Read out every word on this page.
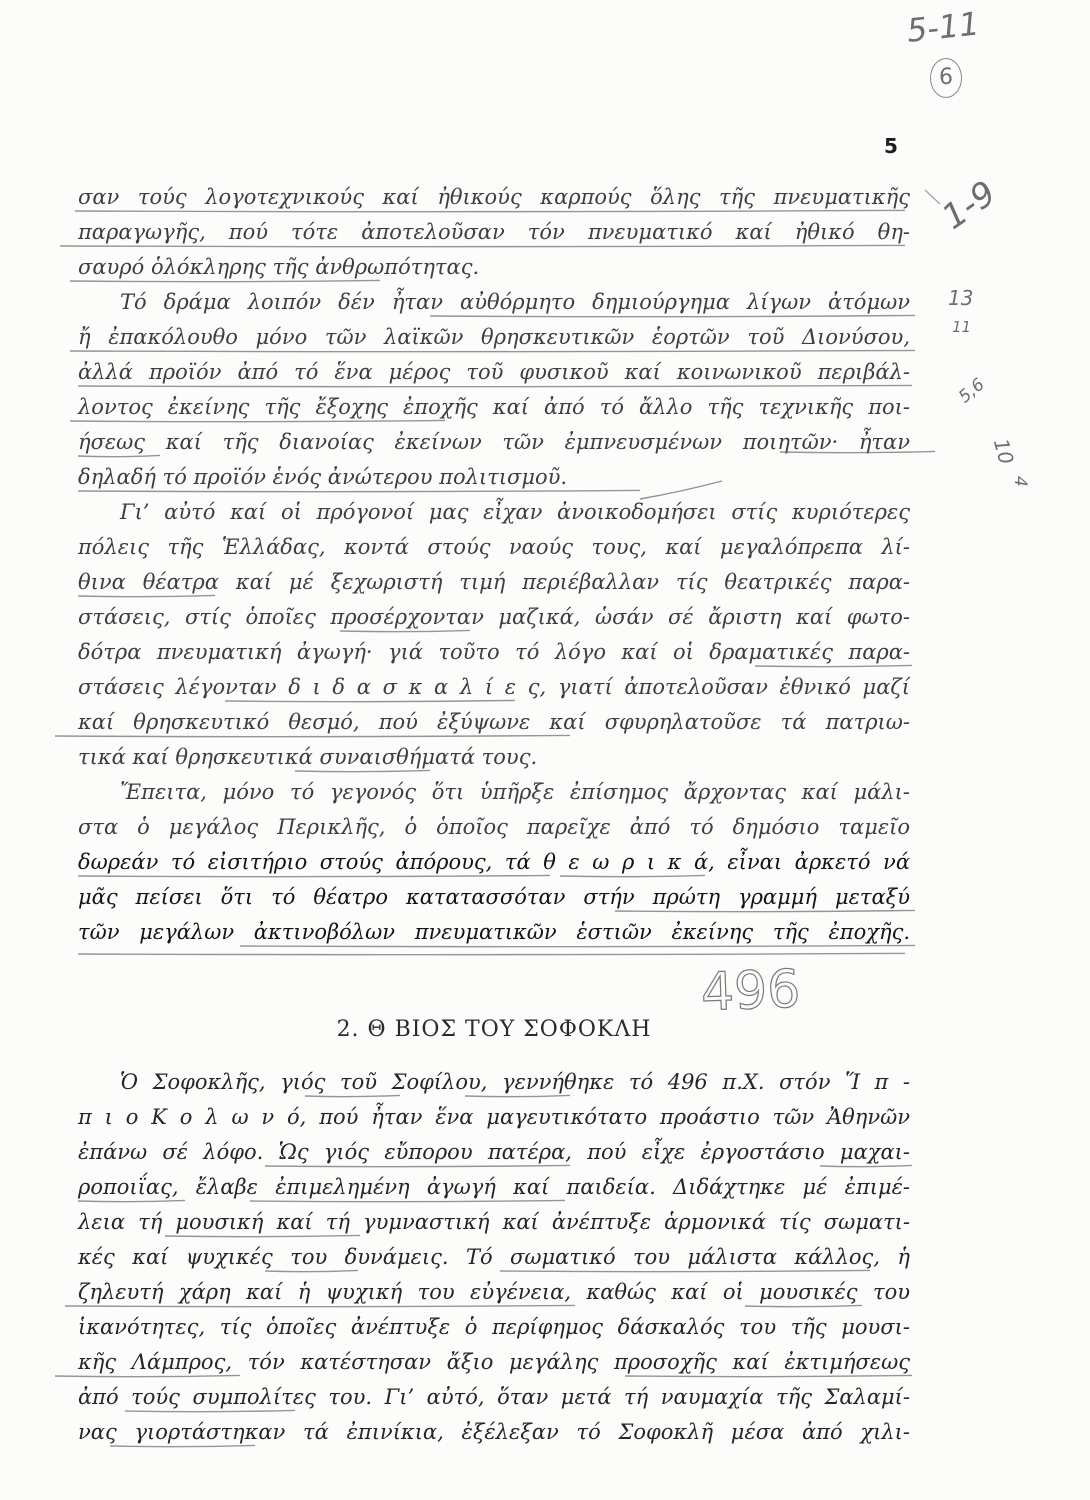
5
5-11
6
1-9
13
11
5,6
10
4
496
σαν τούς λογοτεχνικούς καί ἠθικούς καρπούς ὅλης τῆς πνευματικῆς
παραγωγῆς, πού τότε ἀποτελοῦσαν τόν πνευματικό καί ἠθικό θη-
σαυρό ὁλόκληρης τῆς ἀνθρωπότητας.
Τό δράμα λοιπόν δέν ἦταν αὐθόρμητο δημιούργημα λίγων ἀτόμων
ἤ ἐπακόλουθο μόνο τῶν λαϊκῶν θρησκευτικῶν ἑορτῶν τοῦ Διονύσου,
ἀλλά προϊόν ἀπό τό ἕνα μέρος τοῦ φυσικοῦ καί κοινωνικοῦ περιβάλ-
λοντος ἐκείνης τῆς ἔξοχης ἐποχῆς καί ἀπό τό ἄλλο τῆς τεχνικῆς ποι-
ήσεως καί τῆς διανοίας ἐκείνων τῶν ἐμπνευσμένων ποιητῶν· ἦταν
δηλαδή τό προϊόν ἑνός ἀνώτερου πολιτισμοῦ.
Γι’ αὐτό καί οἱ πρόγονοί μας εἶχαν ἀνοικοδομήσει στίς κυριότερες
πόλεις τῆς Ἑλλάδας, κοντά στούς ναούς τους, καί μεγαλόπρεπα λί-
θινα θέατρα καί μέ ξεχωριστή τιμή περιέβαλλαν τίς θεατρικές παρα-
στάσεις, στίς ὁποῖες προσέρχονταν μαζικά, ὡσάν σέ ἄριστη καί φωτο-
δότρα πνευματική ἀγωγή· γιά τοῦτο τό λόγο καί οἱ δραματικές παρα-
στάσεις λέγονταν δ ι δ α σ κ α λ ί ε ς, γιατί ἀποτελοῦσαν ἐθνικό μαζί
καί θρησκευτικό θεσμό, πού ἐξύψωνε καί σφυρηλατοῦσε τά πατριω-
τικά καί θρησκευτικά συναισθήματά τους.
Ἔπειτα, μόνο τό γεγονός ὅτι ὑπῆρξε ἐπίσημος ἄρχοντας καί μάλι-
στα ὁ μεγάλος Περικλῆς, ὁ ὁποῖος παρεῖχε ἀπό τό δημόσιο ταμεῖο
δωρεάν τό εἰσιτήριο στούς ἀπόρους, τά θ ε ω ρ ι κ ά, εἶναι ἀρκετό νά
μᾶς πείσει ὅτι τό θέατρο κατατασσόταν στήν πρώτη γραμμή μεταξύ
τῶν μεγάλων ἀκτινοβόλων πνευματικῶν ἑστιῶν ἐκείνης τῆς ἐποχῆς.
2. Θ ΒΙΟΣ ΤΟΥ ΣΟΦΟΚΛΗ
Ὁ Σοφοκλῆς, γιός τοῦ Σοφίλου, γεννήθηκε τό 496 π.Χ. στόν Ἵ π -
π ι ο Κ ο λ ω ν ό, πού ἦταν ἕνα μαγευτικότατο προάστιο τῶν Ἀθηνῶν
ἐπάνω σέ λόφο. Ὡς γιός εὔπορου πατέρα, πού εἶχε ἐργοστάσιο μαχαι-
ροποιΐας, ἔλαβε ἐπιμελημένη ἀγωγή καί παιδεία. Διδάχτηκε μέ ἐπιμέ-
λεια τή μουσική καί τή γυμναστική καί ἀνέπτυξε ἁρμονικά τίς σωματι-
κές καί ψυχικές του δυνάμεις. Τό σωματικό του μάλιστα κάλλος, ἡ
ζηλευτή χάρη καί ἡ ψυχική του εὐγένεια, καθώς καί οἱ μουσικές του
ἱκανότητες, τίς ὁποῖες ἀνέπτυξε ὁ περίφημος δάσκαλός του τῆς μουσι-
κῆς Λάμπρος, τόν κατέστησαν ἄξιο μεγάλης προσοχῆς καί ἐκτιμήσεως
ἀπό τούς συμπολίτες του. Γι’ αὐτό, ὅταν μετά τή ναυμαχία τῆς Σαλαμί-
νας γιορτάστηκαν τά ἐπινίκια, ἐξέλεξαν τό Σοφοκλῆ μέσα ἀπό χιλι-
